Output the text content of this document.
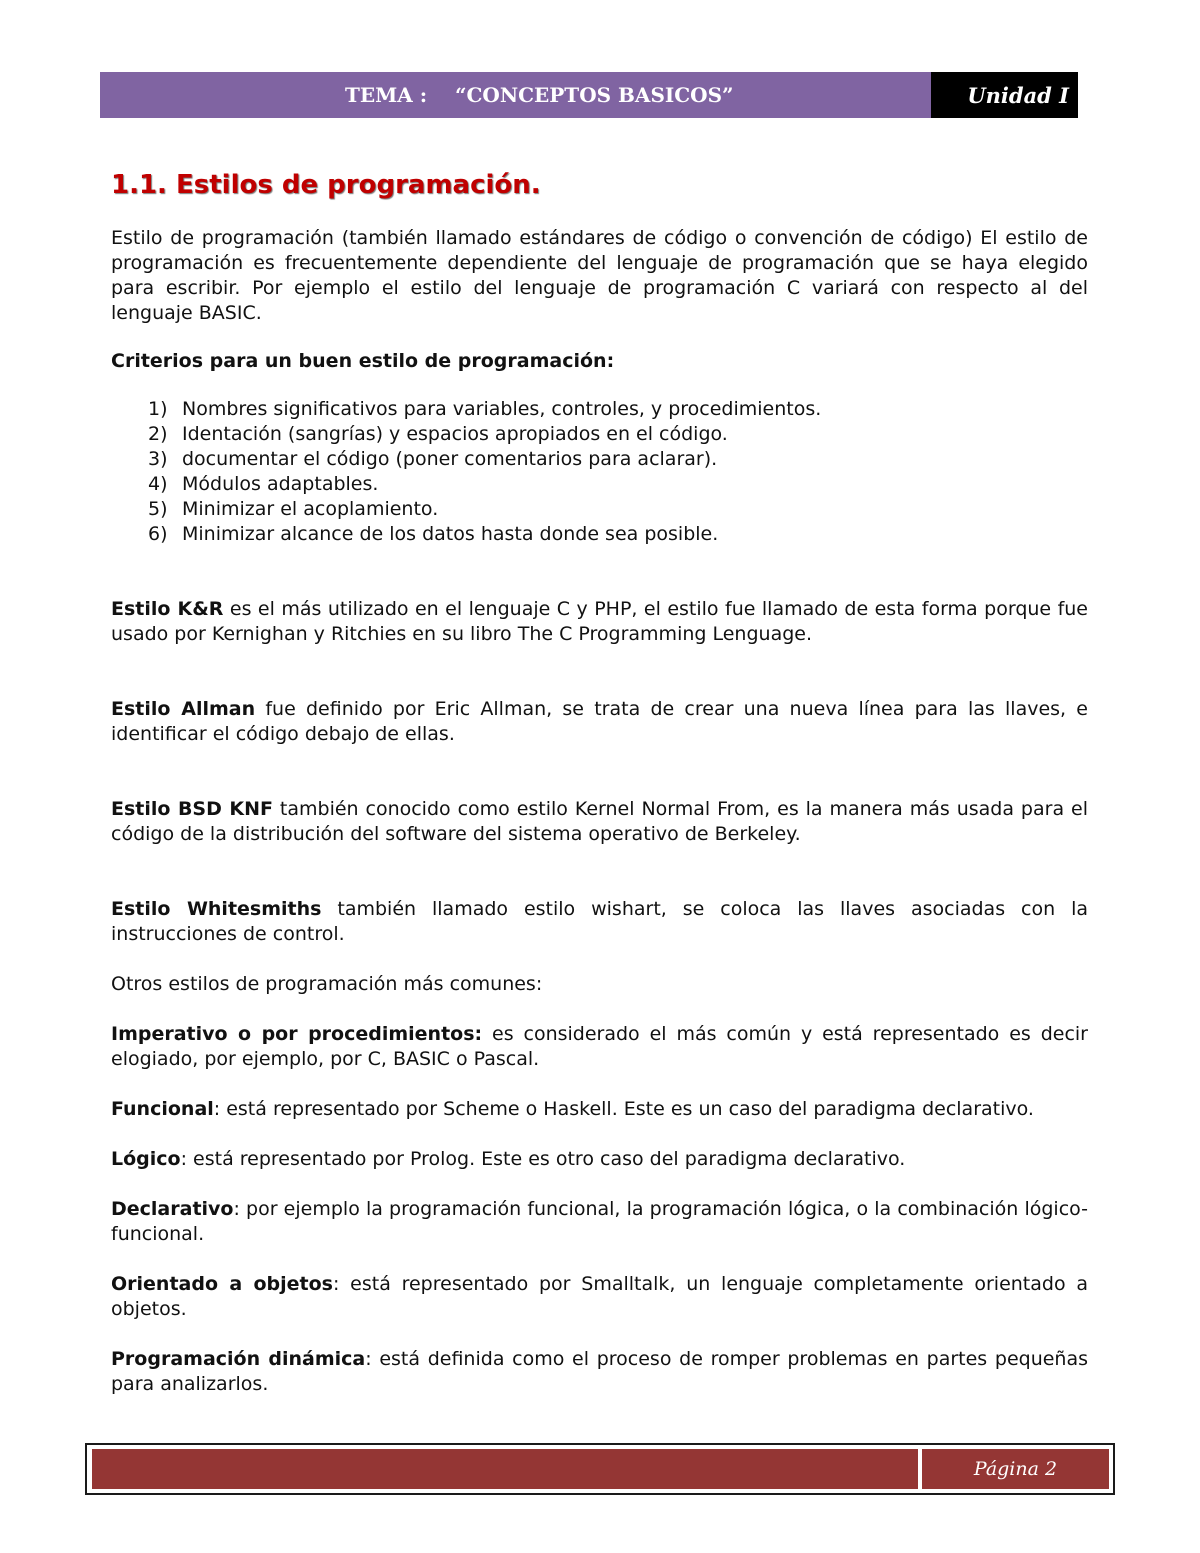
TEMA :    “CONCEPTOS BASICOS”	Unidad I
1.1. Estilos de programación.

Estilo de programación (también llamado estándares de código o convención de código) El estilo de programación es frecuentemente dependiente del lenguaje de programación que se haya elegido para escribir. Por ejemplo el estilo del lenguaje de programación C variará con respecto al del lenguaje BASIC.

Criterios para un buen estilo de programación:

1) Nombres significativos para variables, controles, y procedimientos.
2) Identación (sangrías) y espacios apropiados en el código.
3) documentar el código (poner comentarios para aclarar).
4) Módulos adaptables.
5) Minimizar el acoplamiento.
6) Minimizar alcance de los datos hasta donde sea posible.

Estilo K&R es el más utilizado en el lenguaje C y PHP, el estilo fue llamado de esta forma porque fue usado por Kernighan y Ritchies en su libro The C Programming Lenguage.

Estilo Allman fue definido por Eric Allman, se trata de crear una nueva línea para las llaves, e identificar el código debajo de ellas.

Estilo BSD KNF también conocido como estilo Kernel Normal From, es la manera más usada para el código de la distribución del software del sistema operativo de Berkeley.

Estilo Whitesmiths también llamado estilo wishart, se coloca las llaves asociadas con la instrucciones de control.

Otros estilos de programación más comunes:

Imperativo o por procedimientos: es considerado el más común y está representado es decir elogiado, por ejemplo, por C, BASIC o Pascal.

Funcional: está representado por Scheme o Haskell. Este es un caso del paradigma declarativo.

Lógico: está representado por Prolog. Este es otro caso del paradigma declarativo.

Declarativo: por ejemplo la programación funcional, la programación lógica, o la combinación lógico-funcional.

Orientado a objetos: está representado por Smalltalk, un lenguaje completamente orientado a objetos.

Programación dinámica: está definida como el proceso de romper problemas en partes pequeñas para analizarlos.

Página 2
